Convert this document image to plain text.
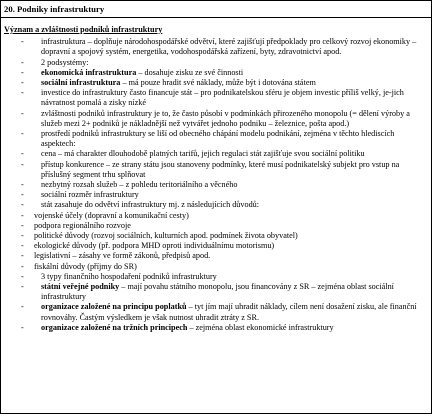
20. Podniky infrastruktury
Význam a zvláštnosti podniků infrastruktury
- infrastruktura – doplňuje národohospodářské odvětví, které zajišťují předpoklady pro celkový rozvoj ekonomiky – dopravní a spojový systém, energetika, vodohospodářská zařízení, byty, zdravotnictví apod.
- 2 podsystémy:
- ekonomická infrastruktura – dosahuje zisku ze své činnosti
- sociální infrastruktura – má pouze hradit své náklady, může být i dotována státem
- investice do infrastruktury často financuje stát – pro podnikatelskou sféru je objem investic příliš velký, je-jich návratnost pomalá a zisky nízké
- zvláštnosti podniků infrastruktury je to, že často působí v podmínkách přirozeného monopolu (= dělení výroby a služeb mezi 2+ podniků je nákladnější než vytvářet jednoho podniku – železnice, pošta apod.)
- prostředí podniků infrastruktury se liší od obecného chápání modelu podnikání, zejména v těchto hlediscích aspektech:
- cena – má charakter dlouhodobě platných tarifů, jejich regulaci stát zajišťuje svou sociální politiku
- přístup konkurence – ze strany státu jsou stanoveny podmínky, které musí podnikatelský subjekt pro vstup na příslušný segment trhu splňovat
- nezbytný rozsah služeb – z pohledu teritoriálního a věcného
- sociální rozměr infrastruktury
- stát zasahuje do odvětví infrastruktury mj. z následujících důvodů:
- vojenské účely (dopravní a komunikační cesty)
- podpora regionálního rozvoje
- politické důvody (rozvoj sociálních, kulturních apod. podmínek života obyvatel)
- ekologické důvody (př. podpora MHD oproti individuálnímu motorismu)
- legislativní – zásahy ve formě zákonů, předpisů apod.
- fiskální důvody (příjmy do SR)
- 3 typy finančního hospodaření podniků infrastruktury
- státní veřejné podniky – mají povahu státního monopolu, jsou financovány z SR – zejména oblast sociální infrastruktury
- organizace založené na principu poplatků – tyt jím mají uhradit náklady, cílem není dosažení zisku, ale finanční rovnováhy. Častým výsledkem je však nutnost uhradit ztráty z SR.
- organizace založené na tržních principech – zejména oblast ekonomické infrastruktury
